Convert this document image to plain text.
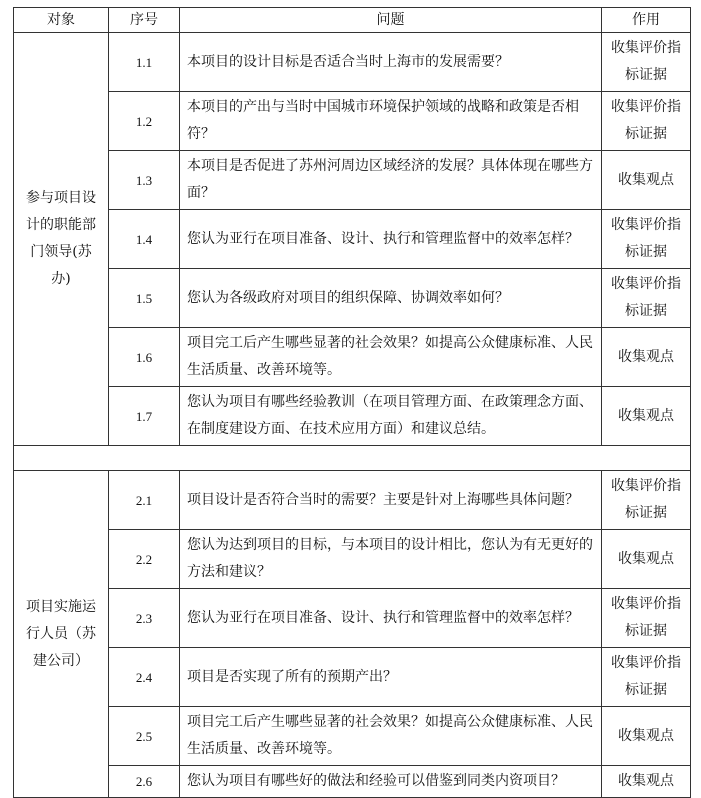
对象	序号	问题	作用
参与项目设计的职能部门领导(苏办)	1.1	本项目的设计目标是否适合当时上海市的发展需要？	收集评价指标证据
	1.2	本项目的产出与当时中国城市环境保护领域的战略和政策是否相符？	收集评价指标证据
	1.3	本项目是否促进了苏州河周边区域经济的发展？具体体现在哪些方面？	收集观点
	1.4	您认为亚行在项目准备、设计、执行和管理监督中的效率怎样？	收集评价指标证据
	1.5	您认为各级政府对项目的组织保障、协调效率如何？	收集评价指标证据
	1.6	项目完工后产生哪些显著的社会效果？如提高公众健康标准、人民生活质量、改善环境等。	收集观点
	1.7	您认为项目有哪些经验教训（在项目管理方面、在政策理念方面、在制度建设方面、在技术应用方面）和建议总结。	收集观点

项目实施运行人员（苏建公司）	2.1	项目设计是否符合当时的需要？主要是针对上海哪些具体问题？	收集评价指标证据
	2.2	您认为达到项目的目标，与本项目的设计相比，您认为有无更好的方法和建议？	收集观点
	2.3	您认为亚行在项目准备、设计、执行和管理监督中的效率怎样？	收集评价指标证据
	2.4	项目是否实现了所有的预期产出？	收集评价指标证据
	2.5	项目完工后产生哪些显著的社会效果？如提高公众健康标准、人民生活质量、改善环境等。	收集观点
	2.6	您认为项目有哪些好的做法和经验可以借鉴到同类内资项目？	收集观点
